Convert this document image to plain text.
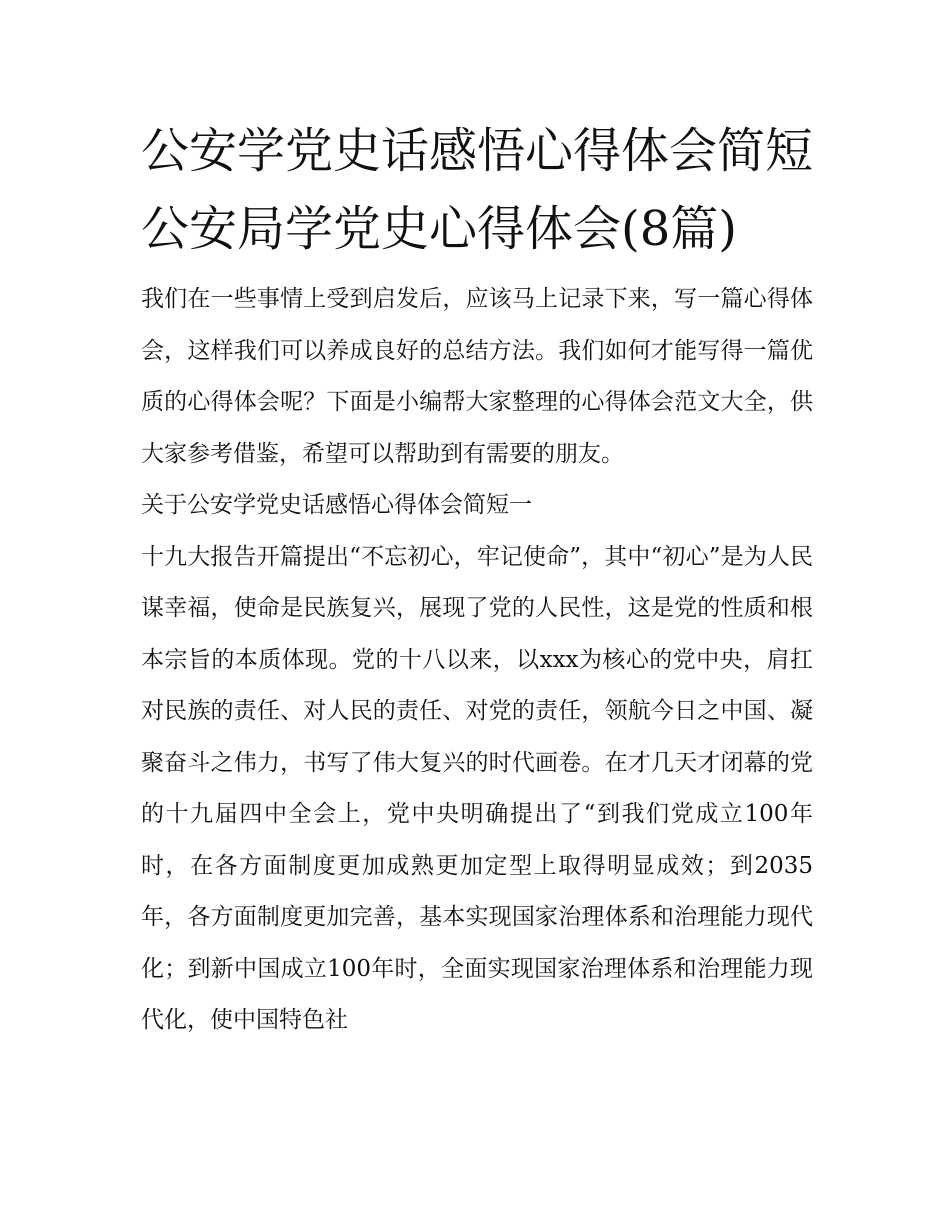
公安学党史话感悟心得体会简短 公安局学党史心得体会(8篇)

我们在一些事情上受到启发后，应该马上记录下来，写一篇心得体会，这样我们可以养成良好的总结方法。我们如何才能写得一篇优质的心得体会呢？下面是小编帮大家整理的心得体会范文大全，供大家参考借鉴，希望可以帮助到有需要的朋友。

关于公安学党史话感悟心得体会简短一

十九大报告开篇提出“不忘初心，牢记使命”，其中“初心”是为人民谋幸福，使命是民族复兴，展现了党的人民性，这是党的性质和根本宗旨的本质体现。党的十八以来，以xxx为核心的党中央，肩扛对民族的责任、对人民的责任、对党的责任，领航今日之中国、凝聚奋斗之伟力，书写了伟大复兴的时代画卷。在才几天才闭幕的党的十九届四中全会上，党中央明确提出了“到我们党成立100年时，在各方面制度更加成熟更加定型上取得明显成效；到2035年，各方面制度更加完善，基本实现国家治理体系和治理能力现代化；到新中国成立100年时，全面实现国家治理体系和治理能力现代化，使中国特色社
